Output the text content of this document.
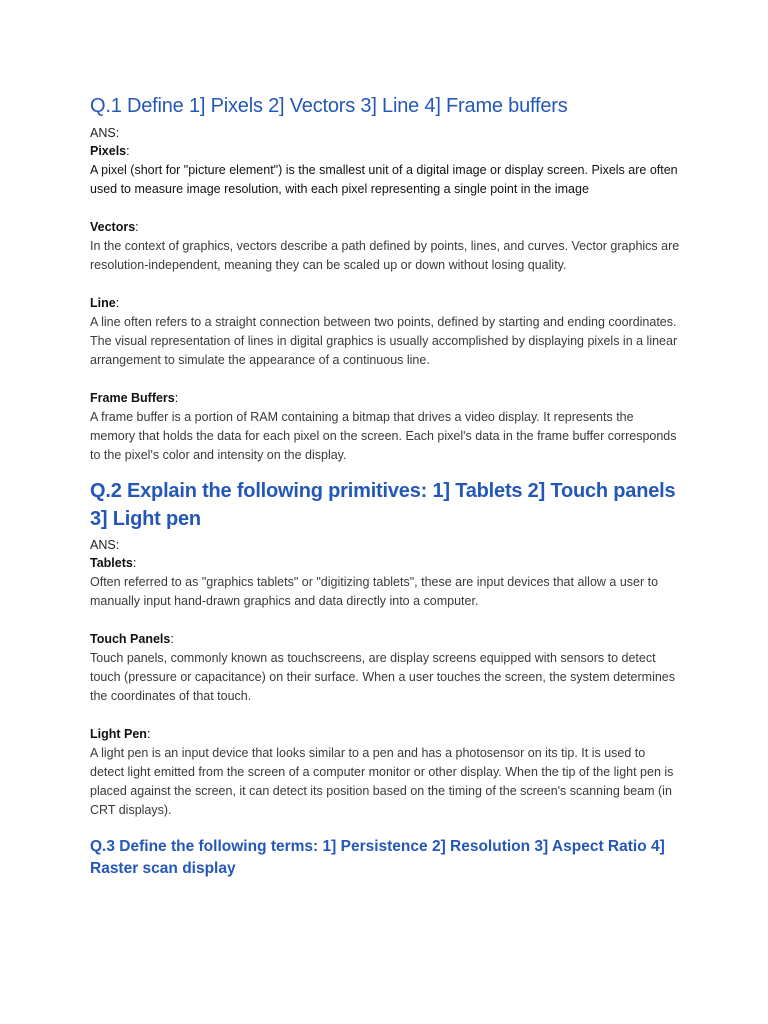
Q.1 Define 1] Pixels 2] Vectors 3] Line 4] Frame buffers

ANS:

Pixels:

A pixel (short for "picture element") is the smallest unit of a digital image or display screen. Pixels are often used to measure image resolution, with each pixel representing a single point in the image

Vectors:

In the context of graphics, vectors describe a path defined by points, lines, and curves. Vector graphics are resolution-independent, meaning they can be scaled up or down without losing quality.

Line:

A line often refers to a straight connection between two points, defined by starting and ending coordinates. The visual representation of lines in digital graphics is usually accomplished by displaying pixels in a linear arrangement to simulate the appearance of a continuous line.

Frame Buffers:

A frame buffer is a portion of RAM containing a bitmap that drives a video display. It represents the memory that holds the data for each pixel on the screen. Each pixel's data in the frame buffer corresponds to the pixel's color and intensity on the display.

Q.2 Explain the following primitives: 1] Tablets 2] Touch panels 3] Light pen

ANS:

Tablets:

Often referred to as "graphics tablets" or "digitizing tablets", these are input devices that allow a user to manually input hand-drawn graphics and data directly into a computer.

Touch Panels:

Touch panels, commonly known as touchscreens, are display screens equipped with sensors to detect touch (pressure or capacitance) on their surface. When a user touches the screen, the system determines the coordinates of that touch.

Light Pen:

A light pen is an input device that looks similar to a pen and has a photosensor on its tip. It is used to detect light emitted from the screen of a computer monitor or other display. When the tip of the light pen is placed against the screen, it can detect its position based on the timing of the screen's scanning beam (in CRT displays).

Q.3 Define the following terms: 1] Persistence 2] Resolution 3] Aspect Ratio 4] Raster scan display
